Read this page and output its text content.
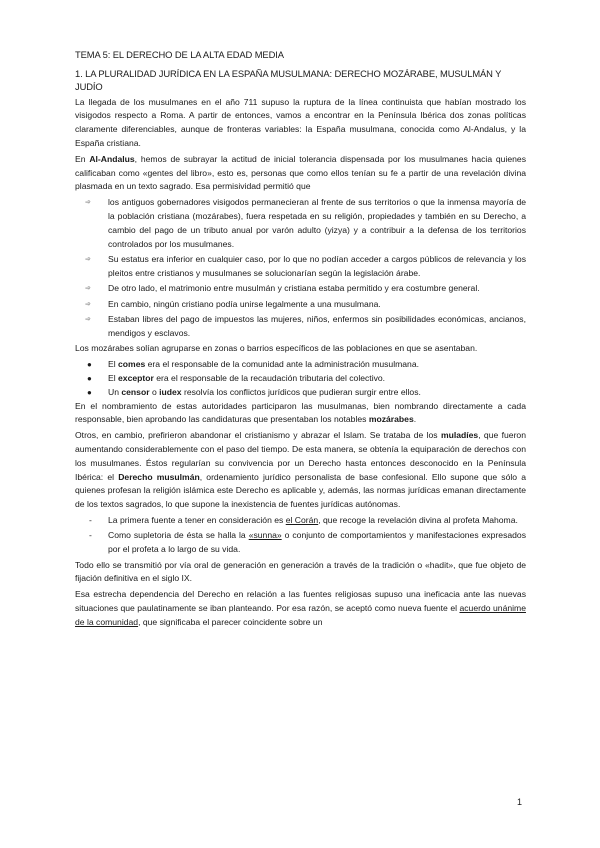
TEMA 5: EL DERECHO DE LA ALTA EDAD MEDIA
1. LA PLURALIDAD JURÍDICA EN LA ESPAÑA MUSULMANA: DERECHO MOZÁRABE, MUSULMÁN Y JUDÍO

La llegada de los musulmanes en el año 711 supuso la ruptura de la línea continuista que habían mostrado los visigodos respecto a Roma. A partir de entonces, vamos a encontrar en la Península Ibérica dos zonas políticas claramente diferenciables, aunque de fronteras variables: la España musulmana, conocida como Al-Andalus, y la España cristiana.

En Al-Andalus, hemos de subrayar la actitud de inicial tolerancia dispensada por los musulmanes hacia quienes calificaban como «gentes del libro», esto es, personas que como ellos tenían su fe a partir de una revelación divina plasmada en un texto sagrado. Esa permisividad permitió que

➾ los antiguos gobernadores visigodos permanecieran al frente de sus territorios o que la inmensa mayoría de la población cristiana (mozárabes), fuera respetada en su religión, propiedades y también en su Derecho, a cambio del pago de un tributo anual por varón adulto (yizya) y a contribuir a la defensa de los territorios controlados por los musulmanes.
➾ Su estatus era inferior en cualquier caso, por lo que no podían acceder a cargos públicos de relevancia y los pleitos entre cristianos y musulmanes se solucionarían según la legislación árabe.
➾ De otro lado, el matrimonio entre musulmán y cristiana estaba permitido y era costumbre general.
➾ En cambio, ningún cristiano podía unirse legalmente a una musulmana.
➾ Estaban libres del pago de impuestos las mujeres, niños, enfermos sin posibilidades económicas, ancianos, mendigos y esclavos.

Los mozárabes solían agruparse en zonas o barrios específicos de las poblaciones en que se asentaban.

● El comes era el responsable de la comunidad ante la administración musulmana.
● El exceptor era el responsable de la recaudación tributaria del colectivo.
● Un censor o iudex resolvía los conflictos jurídicos que pudieran surgir entre ellos.

En el nombramiento de estas autoridades participaron las musulmanas, bien nombrando directamente a cada responsable, bien aprobando las candidaturas que presentaban los notables mozárabes.

Otros, en cambio, prefirieron abandonar el cristianismo y abrazar el Islam. Se trataba de los muladíes, que fueron aumentando considerablemente con el paso del tiempo. De esta manera, se obtenía la equiparación de derechos con los musulmanes. Éstos regularían su convivencia por un Derecho hasta entonces desconocido en la Península Ibérica: el Derecho musulmán, ordenamiento jurídico personalista de base confesional. Ello supone que sólo a quienes profesan la religión islámica este Derecho es aplicable y, además, las normas jurídicas emanan directamente de los textos sagrados, lo que supone la inexistencia de fuentes jurídicas autónomas.

- La primera fuente a tener en consideración es el Corán, que recoge la revelación divina al profeta Mahoma.
- Como supletoria de ésta se halla la «sunna» o conjunto de comportamientos y manifestaciones expresados por el profeta a lo largo de su vida.

Todo ello se transmitió por vía oral de generación en generación a través de la tradición o «hadit», que fue objeto de fijación definitiva en el siglo IX.

Esa estrecha dependencia del Derecho en relación a las fuentes religiosas supuso una ineficacia ante las nuevas situaciones que paulatinamente se iban planteando. Por esa razón, se aceptó como nueva fuente el acuerdo unánime de la comunidad, que significaba el parecer coincidente sobre un

1
